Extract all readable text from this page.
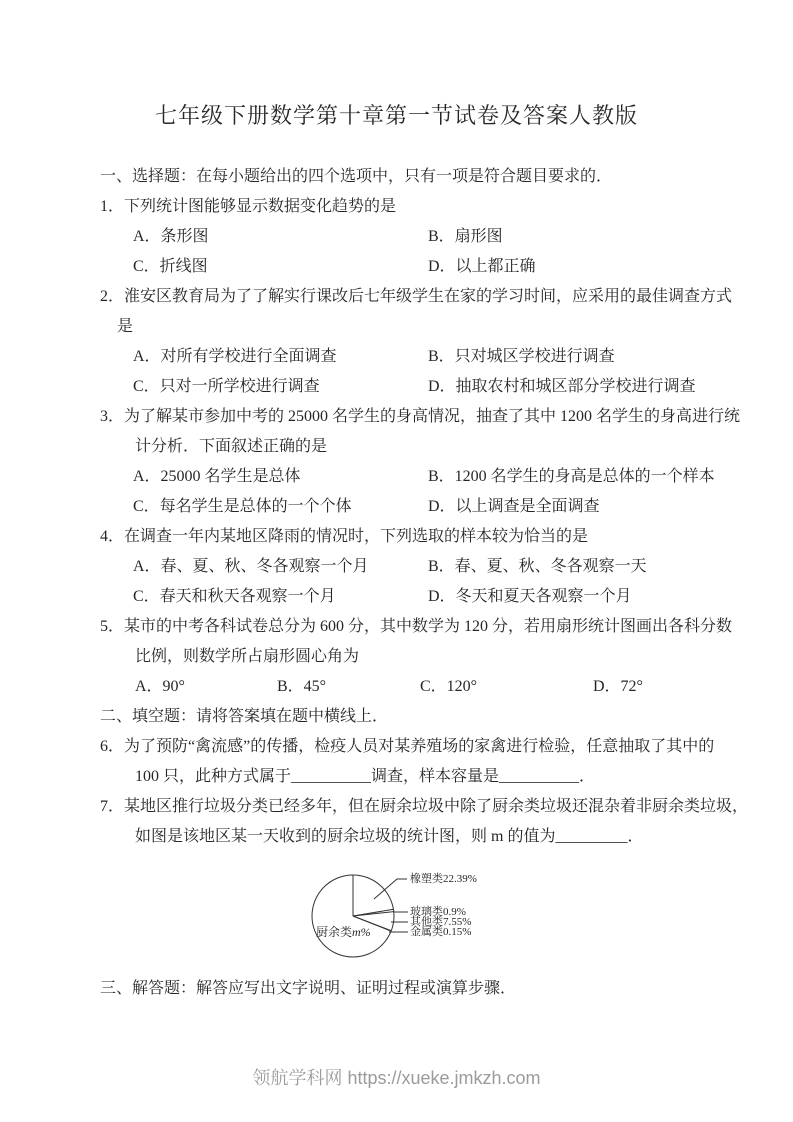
七年级下册数学第十章第一节试卷及答案人教版
一、选择题：在每小题给出的四个选项中，只有一项是符合题目要求的．
1．下列统计图能够显示数据变化趋势的是
A．条形图	B．扇形图
C．折线图	D．以上都正确
2．淮安区教育局为了了解实行课改后七年级学生在家的学习时间，应采用的最佳调查方式
是
A．对所有学校进行全面调查	B．只对城区学校进行调查
C．只对一所学校进行调查	D．抽取农村和城区部分学校进行调查
3．为了解某市参加中考的 25000 名学生的身高情况，抽查了其中 1200 名学生的身高进行统
计分析．下面叙述正确的是
A．25000 名学生是总体	B．1200 名学生的身高是总体的一个样本
C．每名学生是总体的一个个体	D．以上调查是全面调查
4．在调查一年内某地区降雨的情况时，下列选取的样本较为恰当的是
A．春、夏、秋、冬各观察一个月	B．春、夏、秋、冬各观察一天
C．春天和秋天各观察一个月	D．冬天和夏天各观察一个月
5．某市的中考各科试卷总分为 600 分，其中数学为 120 分，若用扇形统计图画出各科分数
比例，则数学所占扇形圆心角为
A．90°	B．45°	C．120°	D．72°
二、填空题：请将答案填在题中横线上．
6．为了预防“禽流感”的传播，检疫人员对某养殖场的家禽进行检验，任意抽取了其中的
100 只，此种方式属于__________调查，样本容量是__________．
7．某地区推行垃圾分类已经多年，但在厨余垃圾中除了厨余类垃圾还混杂着非厨余类垃圾，
如图是该地区某一天收到的厨余垃圾的统计图，则 m 的值为_________．
橡塑类22.39%
玻璃类0.9%
其他类7.55%
金属类0.15%
厨余类m%
三、解答题：解答应写出文字说明、证明过程或演算步骤．
领航学科网 https://xueke.jmkzh.com
